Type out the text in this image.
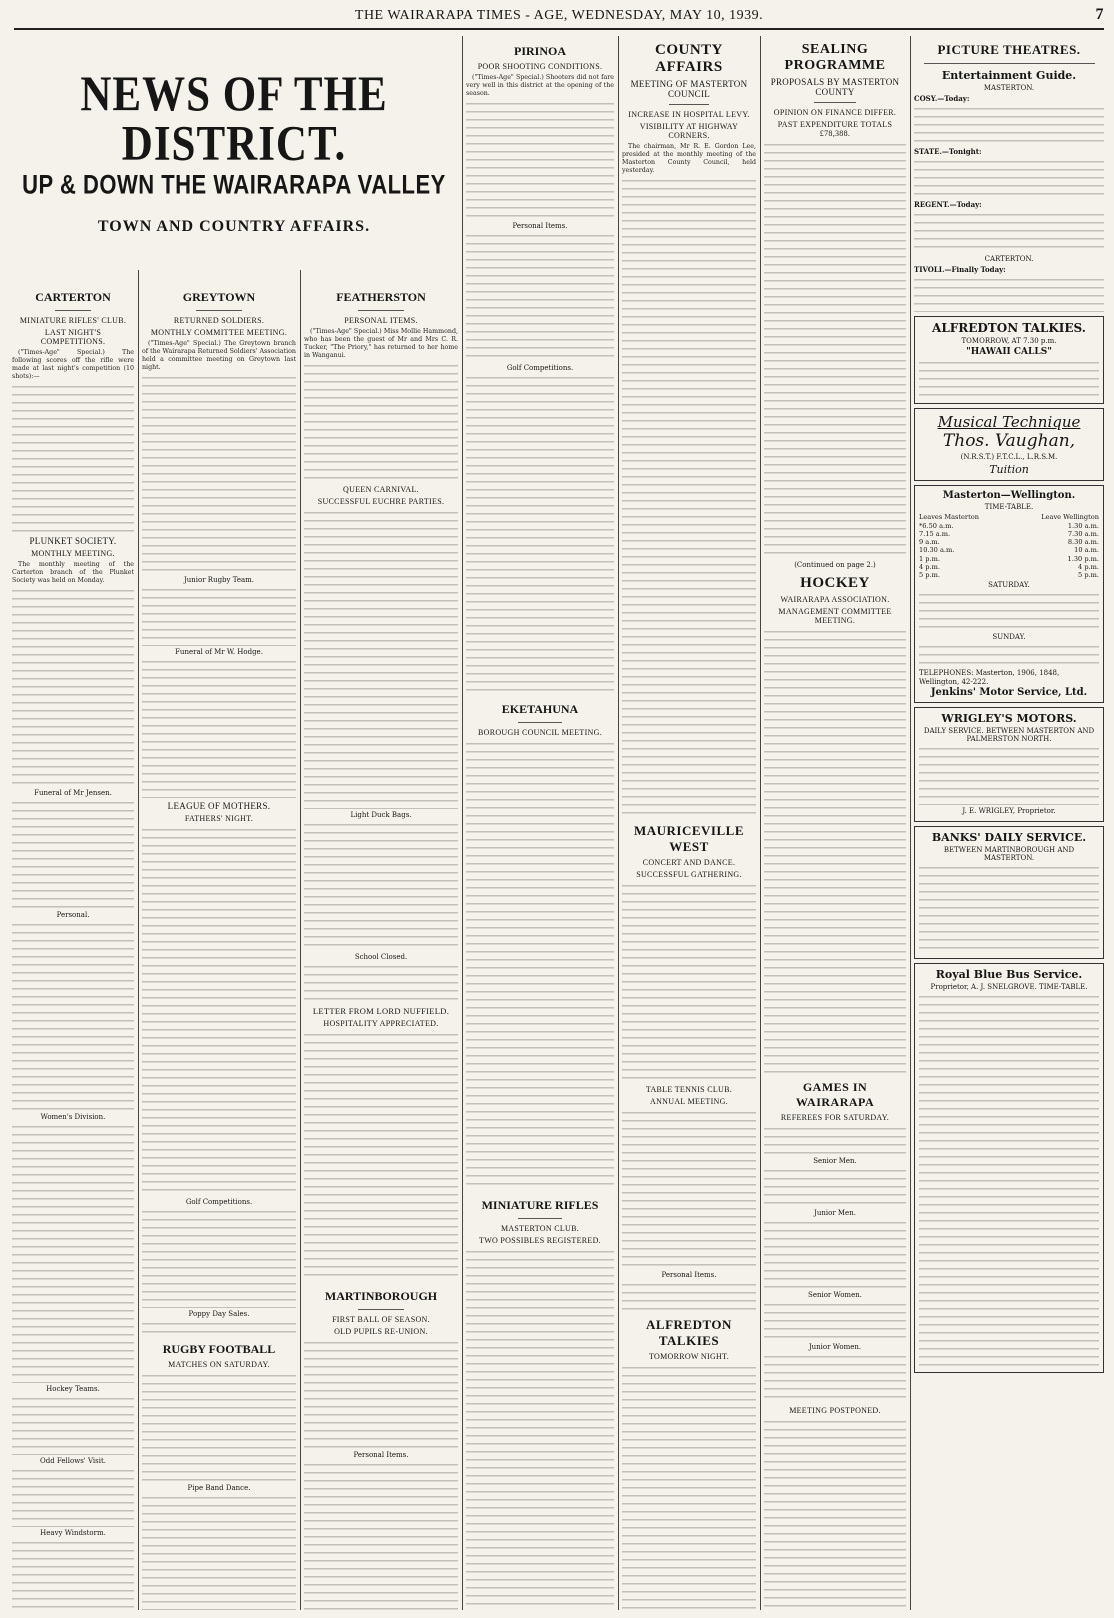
THE WAIRARAPA TIMES - AGE, WEDNESDAY, MAY 10, 1939.	7
NEWS OF THE DISTRICT.
UP & DOWN THE WAIRARAPA VALLEY
TOWN AND COUNTRY AFFAIRS.
CARTERTON
MINIATURE RIFLES' CLUB.
LAST NIGHT'S COMPETITIONS.

("Times-Age" Special.) The following scores off the rifle were made at last night's competition (10 shots):—

PLUNKET SOCIETY.
MONTHLY MEETING.

The monthly meeting of the Carterton branch of the Plunket Society was held on Monday.

Funeral of Mr Jensen.
Personal.
Women's Division.
Hockey Teams.
Odd Fellows' Visit.
Heavy Windstorm.
GREYTOWN
RETURNED SOLDIERS.
MONTHLY COMMITTEE MEETING.

("Times-Age" Special.) The Greytown branch of the Wairarapa Returned Soldiers' Association held a committee meeting on Greytown last night.

Junior Rugby Team.
Funeral of Mr W. Hodge.
LEAGUE OF MOTHERS.
FATHERS' NIGHT.
Golf Competitions.
Poppy Day Sales.
RUGBY FOOTBALL
MATCHES ON SATURDAY.
Pipe Band Dance.
FEATHERSTON
PERSONAL ITEMS.

("Times-Age" Special.) Miss Mollie Hammond, who has been the guest of Mr and Mrs C. R. Tucker, "The Priory," has returned to her home in Wanganui.

QUEEN CARNIVAL.
SUCCESSFUL EUCHRE PARTIES.
Light Duck Bags.
School Closed.
LETTER FROM LORD NUFFIELD.
HOSPITALITY APPRECIATED.
MARTINBOROUGH
FIRST BALL OF SEASON.
OLD PUPILS RE-UNION.
Personal Items.
PIRINOA
POOR SHOOTING CONDITIONS.

("Times-Age" Special.) Shooters did not fare very well in this district at the opening of the season.

Personal Items.
Golf Competitions.
EKETAHUNA
BOROUGH COUNCIL MEETING.
MINIATURE RIFLES
MASTERTON CLUB.
TWO POSSIBLES REGISTERED.
COUNTY AFFAIRS
MEETING OF MASTERTON COUNCIL
INCREASE IN HOSPITAL LEVY.
VISIBILITY AT HIGHWAY CORNERS.

The chairman, Mr R. E. Gordon Lee, presided at the monthly meeting of the Masterton County Council, held yesterday.

MAURICEVILLE WEST
CONCERT AND DANCE.
SUCCESSFUL GATHERING.
TABLE TENNIS CLUB.
ANNUAL MEETING.
Personal Items.
ALFREDTON TALKIES
TOMORROW NIGHT.
SEALING PROGRAMME
PROPOSALS BY MASTERTON COUNTY
OPINION ON FINANCE DIFFER.
PAST EXPENDITURE TOTALS £78,388.
(Continued on page 2.)
HOCKEY
WAIRARAPA ASSOCIATION.
MANAGEMENT COMMITTEE MEETING.
GAMES IN WAIRARAPA
REFEREES FOR SATURDAY.
Senior Men.
Junior Men.
Senior Women.
Junior Women.
MEETING POSTPONED.
PICTURE THEATRES.
Entertainment Guide.
MASTERTON.
COSY.—Today:
STATE.—Tonight:
REGENT.—Today:
CARTERTON.
TIVOLI.—Finally Today:
ALFREDTON TALKIES.
TOMORROW, AT 7.30 p.m.
"HAWAII CALLS"
Musical Technique
Thos. Vaughan,
(N.R.S.T.) F.T.C.L., L.R.S.M.
Tuition
Masterton—Wellington.
TIME-TABLE.
Leaves Masterton	Leave Wellington
*6.50 a.m.	1.30 a.m.
7.15 a.m.	7.30 a.m.
9 a.m.	8.30 a.m.
10.30 a.m.	10 a.m.
1 p.m.	1.30 p.m.
4 p.m.	4 p.m.
5 p.m.	5 p.m.
SATURDAY.
SUNDAY.
TELEPHONES: Masterton, 1906, 1848, Wellington, 42-222.
Jenkins' Motor Service, Ltd.
WRIGLEY'S MOTORS.
DAILY SERVICE. BETWEEN MASTERTON AND PALMERSTON NORTH.
J. E. WRIGLEY, Proprietor.
BANKS' DAILY SERVICE.
BETWEEN MARTINBOROUGH AND MASTERTON.
Royal Blue Bus Service.
Proprietor, A. J. SNELGROVE. TIME-TABLE.
